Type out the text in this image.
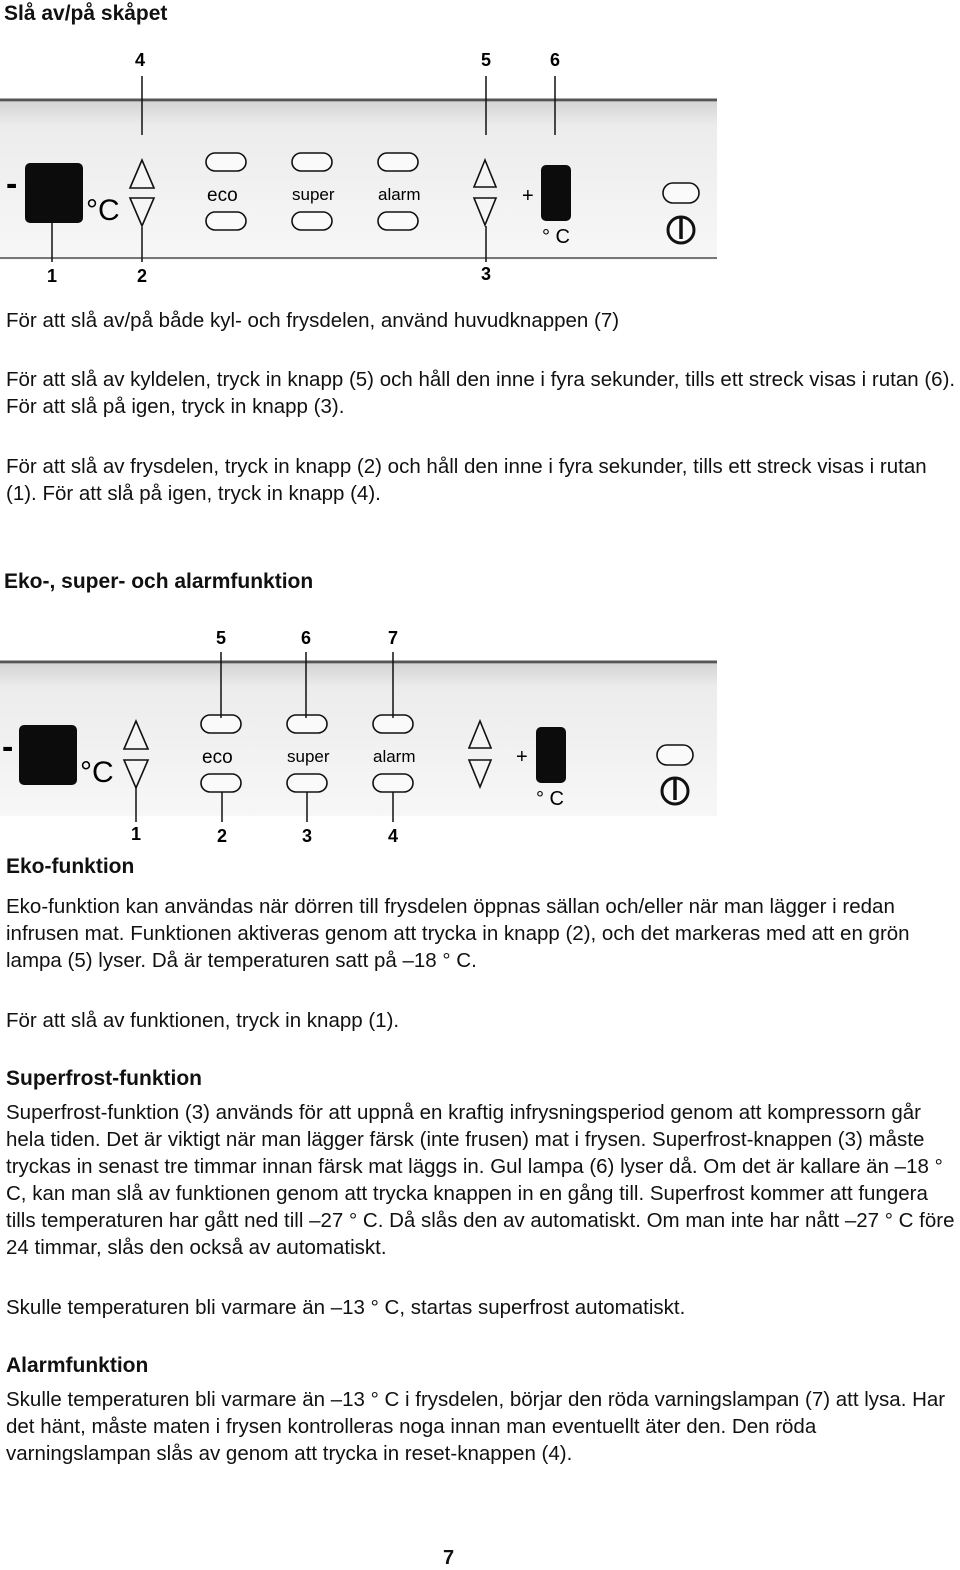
Slå av/på skåpet
-
°C	eco	super	alarm	+
° C
4	5	6
1	2	3
För att slå av/på både kyl- och frysdelen, använd huvudknappen (7)
För att slå av kyldelen, tryck in knapp (5) och håll den inne i fyra sekunder, tills ett streck visas i rutan (6). För att slå på igen, tryck in knapp (3).
För att slå av frysdelen, tryck in knapp (2) och håll den inne i fyra sekunder, tills ett streck visas i rutan (1). För att slå på igen, tryck in knapp (4).
Eko-, super- och alarmfunktion
-
°C	eco	super	alarm	+
° C
5	6	7
1	2	3	4
Eko-funktion
Eko-funktion kan användas när dörren till frysdelen öppnas sällan och/eller när man lägger i redan infrusen mat. Funktionen aktiveras genom att trycka in knapp (2), och det markeras med att en grön lampa (5) lyser. Då är temperaturen satt på –18 ° C.
För att slå av funktionen, tryck in knapp (1).
Superfrost-funktion
Superfrost-funktion (3) används för att uppnå en kraftig infrysningsperiod genom att kompressorn går hela tiden. Det är viktigt när man lägger färsk (inte frusen) mat i frysen. Superfrost-knappen (3) måste tryckas in senast tre timmar innan färsk mat läggs in. Gul lampa (6) lyser då. Om det är kallare än –18 ° C, kan man slå av funktionen genom att trycka knappen in en gång till. Superfrost kommer att fungera tills temperaturen har gått ned till –27 ° C. Då slås den av automatiskt. Om man inte har nått –27 ° C före 24 timmar, slås den också av automatiskt.
Skulle temperaturen bli varmare än –13 ° C, startas superfrost automatiskt.
Alarmfunktion
Skulle temperaturen bli varmare än –13 ° C i frysdelen, börjar den röda varningslampan (7) att lysa. Har det hänt, måste maten i frysen kontrolleras noga innan man eventuellt äter den. Den röda varningslampan slås av genom att trycka in reset-knappen (4).
7
